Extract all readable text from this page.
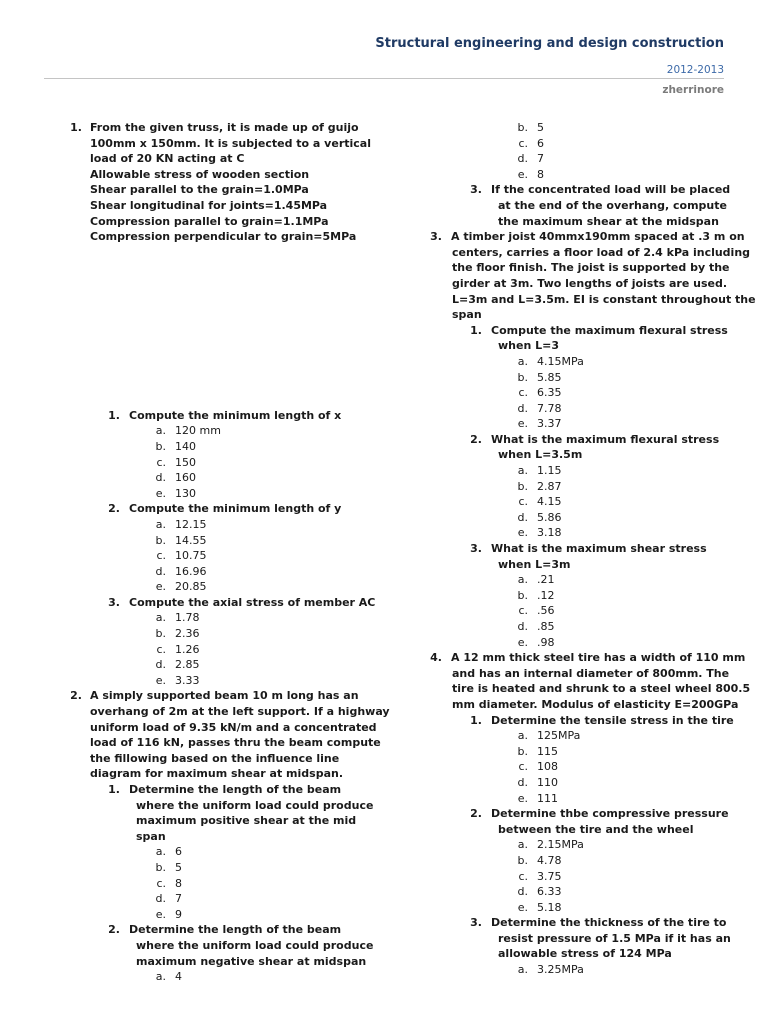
Structural engineering and design construction
2012-2013
zherrinore
1. From the given truss, it is made up of guijo
100mm x 150mm. It is subjected to a vertical
load of 20 KN acting at C
Allowable stress of wooden section
Shear parallel to the grain=1.0MPa
Shear longitudinal for joints=1.45MPa
Compression parallel to grain=1.1MPa
Compression perpendicular to grain=5MPa
1. Compute the minimum length of x
a. 120 mm
b. 140
c. 150
d. 160
e. 130
2. Compute the minimum length of y
a. 12.15
b. 14.55
c. 10.75
d. 16.96
e. 20.85
3. Compute the axial stress of member AC
a. 1.78
b. 2.36
c. 1.26
d. 2.85
e. 3.33
2. A simply supported beam 10 m long has an
overhang of 2m at the left support. If a highway
uniform load of 9.35 kN/m and a concentrated
load of 116 kN, passes thru the beam compute
the fillowing based on the influence line
diagram for maximum shear at midspan.
1. Determine the length of the beam
where the uniform load could produce
maximum positive shear at the mid
span
a. 6
b. 5
c. 8
d. 7
e. 9
2. Determine the length of the beam
where the uniform load could produce
maximum negative shear at midspan
a. 4
b. 5
c. 6
d. 7
e. 8
3. If the concentrated load will be placed
at the end of the overhang, compute
the maximum shear at the midspan
3. A timber joist 40mmx190mm spaced at .3 m on
centers, carries a floor load of 2.4 kPa including
the floor finish. The joist is supported by the
girder at 3m. Two lengths of joists are used.
L=3m and L=3.5m. EI is constant throughout the
span
1. Compute the maximum flexural stress
when L=3
a. 4.15MPa
b. 5.85
c. 6.35
d. 7.78
e. 3.37
2. What is the maximum flexural stress
when L=3.5m
a. 1.15
b. 2.87
c. 4.15
d. 5.86
e. 3.18
3. What is the maximum shear stress
when L=3m
a. .21
b. .12
c. .56
d. .85
e. .98
4. A 12 mm thick steel tire has a width of 110 mm
and has an internal diameter of 800mm. The
tire is heated and shrunk to a steel wheel 800.5
mm diameter. Modulus of elasticity E=200GPa
1. Determine the tensile stress in the tire
a. 125MPa
b. 115
c. 108
d. 110
e. 111
2. Determine thbe compressive pressure
between the tire and the wheel
a. 2.15MPa
b. 4.78
c. 3.75
d. 6.33
e. 5.18
3. Determine the thickness of the tire to
resist pressure of 1.5 MPa if it has an
allowable stress of 124 MPa
a. 3.25MPa
